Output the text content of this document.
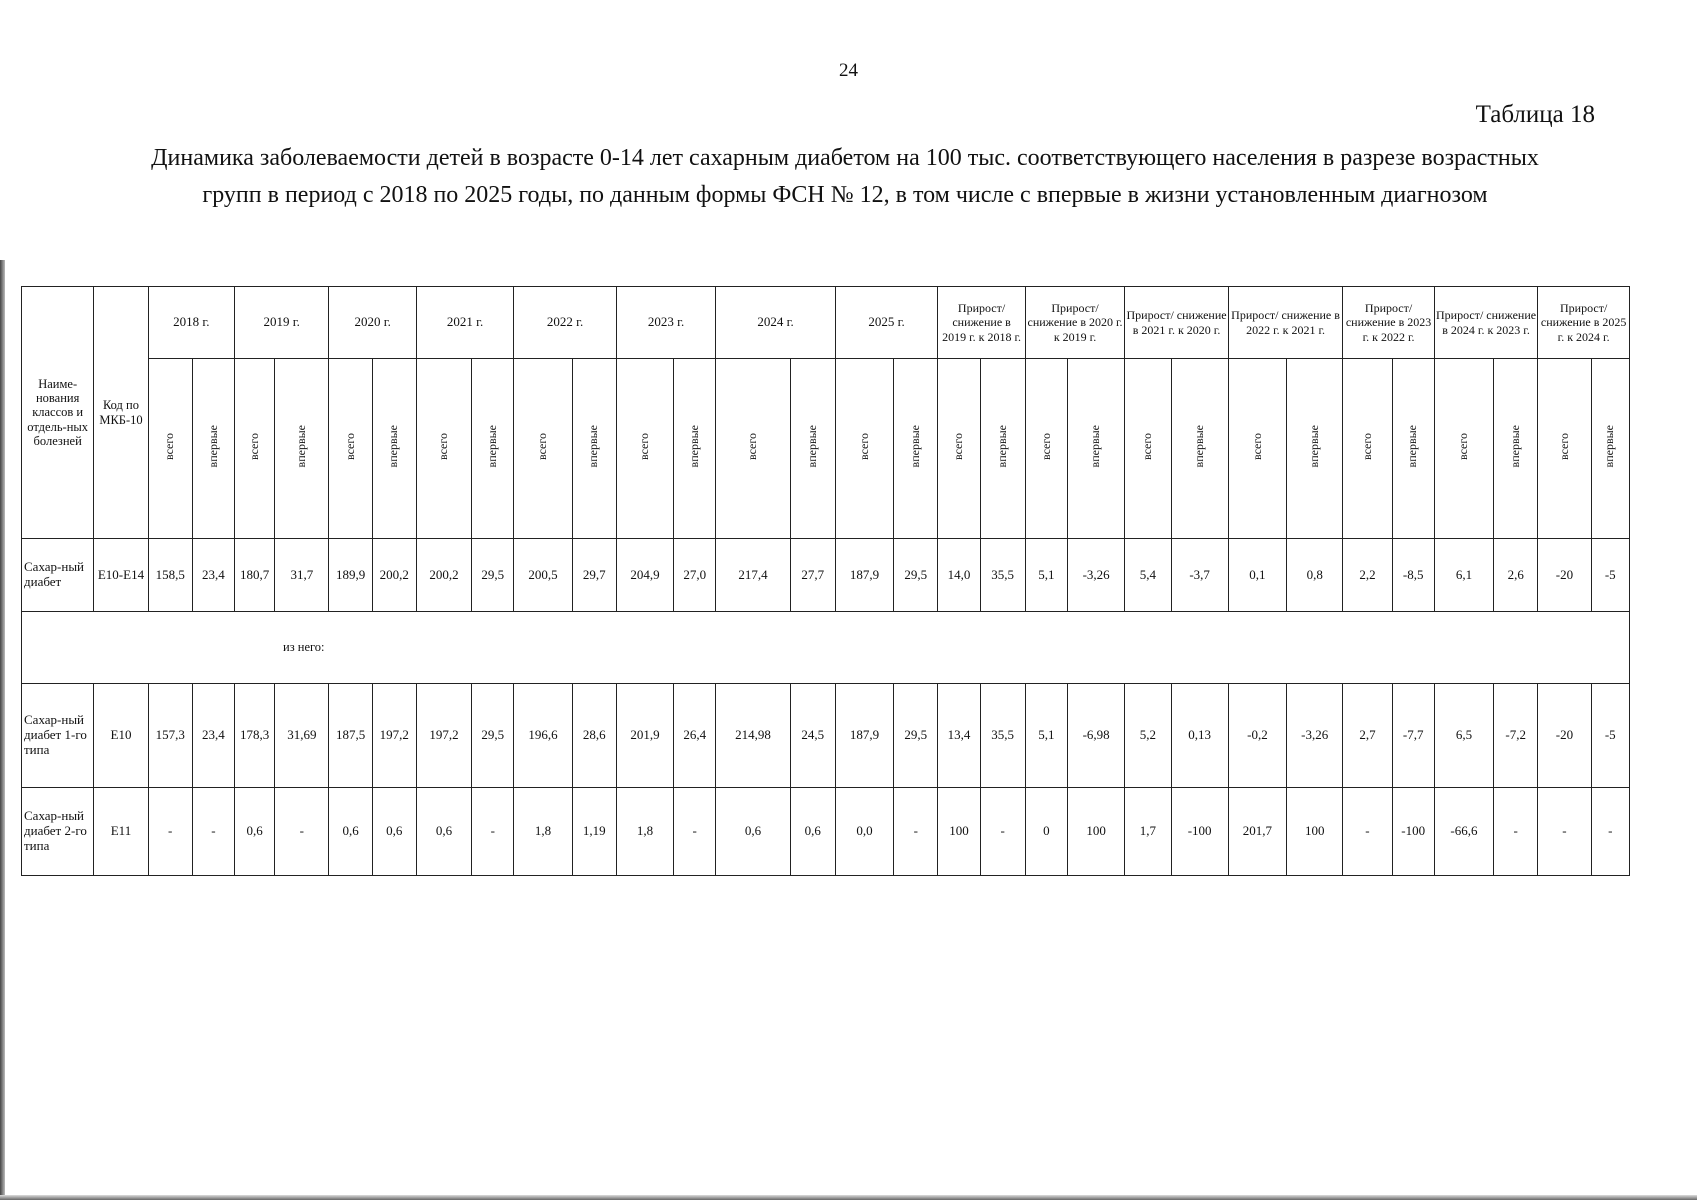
24
Таблица 18
Динамика заболеваемости детей в возрасте 0-14 лет сахарным диабетом на 100 тыс. соответствующего населения в разрезе возрастных групп в период с 2018 по 2025 годы, по данным формы ФСН № 12, в том числе с впервые в жизни установленным диагнозом
Наиме-нования классов и отдель-ных болезней	Код по МКБ-10	2018 г.		2019 г.		2020 г.		2021 г.		2022 г.		2023 г.		2024 г.		2025 г.		Прирост/ снижение в 2019 г. к 2018 г.		Прирост/ снижение в 2020 г. к 2019 г.		Прирост/ снижение в 2021 г. к 2020 г.		Прирост/ снижение в 2022 г. к 2021 г.		Прирост/ снижение в 2023 г. к 2022 г.		Прирост/ снижение в 2024 г. к 2023 г.		Прирост/ снижение в 2025 г. к 2024 г.	
		всего	впервые	всего	впервые	всего	впервые	всего	впервые	всего	впервые	всего	впервые	всего	впервые	всего	впервые	всего	впервые	всего	впервые	всего	впервые	всего	впервые	всего	впервые	всего	впервые	всего	впервые
Сахар-ный диабет	E10-E14	158,5	23,4	180,7	31,7	189,9	200,2	200,2	29,5	200,5	29,7	204,9	27,0	217,4	27,7	187,9	29,5	14,0	35,5	5,1	-3,26	5,4	-3,7	0,1	0,8	2,2	-8,5	6,1	2,6	-20	-5
из него:																															
Сахар-ный диабет 1-го типа	E10	157,3	23,4	178,3	31,69	187,5	197,2	197,2	29,5	196,6	28,6	201,9	26,4	214,98	24,5	187,9	29,5	13,4	35,5	5,1	-6,98	5,2	0,13	-0,2	-3,26	2,7	-7,7	6,5	-7,2	-20	-5
Сахар-ный диабет 2-го типа	E11	-	-	0,6	-	0,6	0,6	0,6	-	1,8	1,19	1,8	-	0,6	0,6	0,0	-	100	-	0	100	1,7	-100	201,7	100	-	-100	-66,6	-	-	-
